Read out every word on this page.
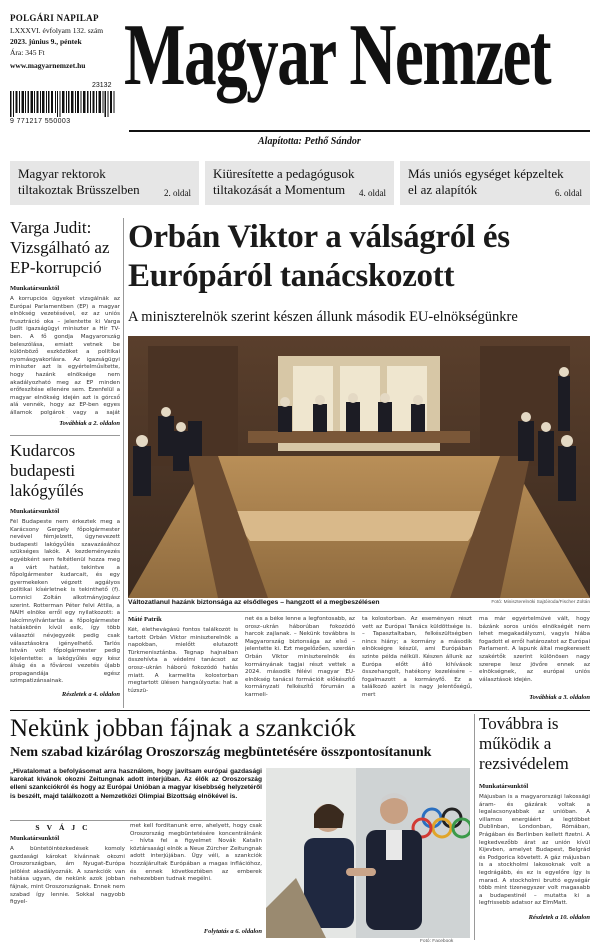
POLGÁRI NAPILAP
LXXXVI. évfolyam 132. szám
2023. június 9., péntek
Ára: 345 Ft
www.magyarnemzet.hu
23132
9 771217 550003
Magyar Nemzet
Alapította: Pethő Sándor
Magyar rektorok tiltakoztak Brüsszelben	2. oldal
Kiüresítette a pedagógusok tiltakozását a Momentum	4. oldal
Más uniós egységet képzeltek el az alapítók	6. oldal
Varga Judit: Vizsgálható az EP-korrupció
Munkatársunktól
A korrupciós ügyeket vizsgálnák az Európai Parlamentben (EP) a magyar elnökség vezetésével, ez az uniós frusztráció oka – jelentette ki Varga Judit igazságügyi miniszter a Hír TV-ben. A fő gondja Magyarország beleszólása, emiatt vetnek be különböző eszközöket a politikai nyomásgyakorlásra. Az igazságügyi miniszter azt is egyértelműsítette, hogy hazánk elnöksége nem akadályozható meg az EP minden erőfeszítése ellenére sem. Ezenfelül a magyar elnökség idején azt is górcső alá vennék, hogy az EP-ben egyes államok polgárok vagy a saját
Továbbiak a 2. oldalon
Kudarcos budapesti lakógyűlés
Munkatársunktól
Fél Budapeste nem érkeztek meg a Karácsony Gergely főpolgármester nevével fémjelzett, úgynevezett budapesti lakógyűlés szavazásához szükséges lakók. A kezdeményezés egyébként sem feltétlenül hozza meg a várt hatást, tekintve a főpolgármester kudarcait, és egy gyermekeken végzett aggályos politikai kísérletnek is tekinthető (f). Lomnici Zoltán alkotmányjogász szerint. Rotterman Péter felvi Attila, a NAIH elnöke erről egy nyilatkozott: a lakcímnyilvántartás a főpolgármester hatáskörén kívül esik, így több választói névjegyzék pedig csak választásokra igényelhető. Tarlós István volt főpolgármester pedig kijelentette: a lakógyűlés egy kész álság és a fővárosi vezetés újabb propagandája egész szimpatizánsainak.
Részletek a 4. oldalon
Orbán Viktor a válságról és Európáról tanácskozott
A miniszterelnök szerint készen állunk második EU-elnökségünkre
Változatlanul hazánk biztonsága az elsődleges – hangzott el a megbeszélésen	Fotó: Miniszterelnöki Sajtóiroda/Fischer Zoltán
Máté Patrik
Két, élethevágású fontos találkozót is tartott Orbán Viktor miniszterelnök a napokban, mielőtt elutazott Türkmenisztánba. Tegnap hajnalban összehívta a védelmi tanácsot az orosz–ukrán háború fokozódó hatás miatt. A karmelita kolostorban megtartott ülésen hangsúlyozta: hat a túzszü-
net és a béke lenne a legfontosabb, az orosz–ukrán háborúban fokozódó harcok zajlanak. – Nekünk továbbra is Magyarország biztonsága az első – jelentette ki. Ezt megelőzően, szerdán Orbán Viktor miniszterelnök és kormányának tagjai részt vettek a 2024. második félévi magyar EU-elnökség tanácsi formációit előkészítő kormányzati felkészítő fórumán a karmeli-
ta kolostorban. Az eseményen részt vett az Európai Tanács küldöttsége is. – Tapasztaltaban, felkészültségben nincs hiány; a kormány a második elnökségre készül, ami Európában szinte példa nélküli. Készen állunk az Európa előtt álló kihívások összehangolt, hatékony kezelésére – fogalmazott a kormányfő. Ez a találkozó azért is nagy jelentőségű, mert
ma már egyértelművé vált, hogy bázánk soros uniós elnökségét nem lehet megakadályozni, vagyis hiába fogadott el erről határozatot az Európai Parlament. A lapunk által megkeresett szakértők szerint különösen nagy szerepe lesz jövőre ennek az elnökségnek, az európai uniós választások idején.
Továbbiak a 3. oldalon
Nekünk jobban fájnak a szankciók
Nem szabad kizárólag Oroszország megbüntetésére összpontosítanunk
„Hivatalomat a befolyásomat arra használom, hogy javítsam európai gazdasági karokat kívánok okozni Zeitungnak adott interjúban. Az élők az Oroszország elleni szankciókról és hogy az Európai Unióban a magyar kisebbség helyzetéről is beszélt, majd találkozott a Nemzetközi Olimpiai Bizottság elnökével is.
SVÁJC
Munkatársunktól
A büntetőintézkedések komoly gazdasági károkat kívánnak okozni Oroszországban, ám Nyugat-Európa jelölést akadályoznák. A szankciók van hatása ugyan, de nekünk azok jobban fájnak, mint Oroszországnak. Ennek nem szabad így lennie. Sokkal nagyobb figyel-
met kell fordítanunk erre, ahelyett, hogy csak Oroszország megbüntetésére koncentrálnánk – hívta fel a figyelmet Novák Katalin köztársasági elnök a Neue Zürcher Zeitungnak adott interjújában. Úgy véli, a szankciók hozzájárultak Európában a magas inflációhoz, és ennek következtében az emberek nehezebben tudnak megélni.
Folytatás a 6. oldalon
Fotó: Facebook
Továbbra is működik a rezsivédelem
Munkatársunktól
Májusban is a magyarországi lakossági áram- és gázárak voltak a legalacsonyabbak az unióban. A villamos energiáért a legtöbbet Dublinban, Londonban, Rómában, Prágában és Berlinben kellett fizetni. A legkedvezőbb árat az unión kívül Kijevben, amelyet Budapest, Belgrád és Podgorica követett. A gáz májusban is a stockholmi lakosoknak volt a legdrágább, és ez is egyelőre így is marad. A stockholmi bruttó egységár több mint tizenegyszer volt magasabb a budapestinél – mutatta ki a legfrissebb adatsor az ElmMatt.
Részletek a 10. oldalon
